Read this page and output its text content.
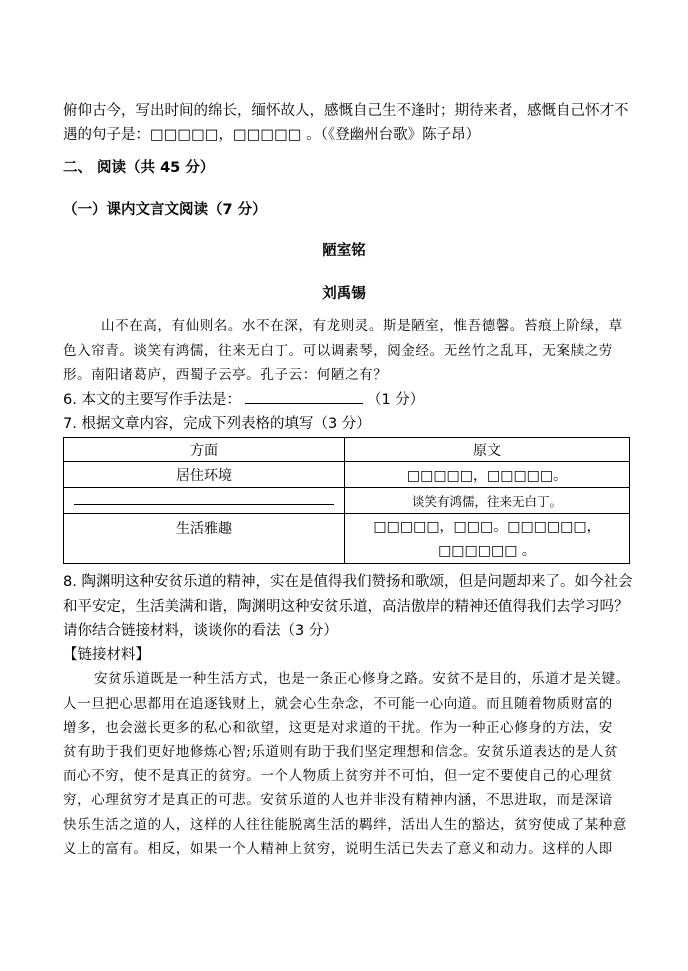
俯仰古今，写出时间的绵长，缅怀故人，感慨自己生不逢时；期待来者，感慨自己怀才不
遇的句子是：□□□□□，□□□□□ 。（《登幽州台歌》陈子昂）
二、 阅读（共 45 分）
（一）课内文言文阅读（7 分）
陋室铭
刘禹锡
山不在高，有仙则名。水不在深，有龙则灵。斯是陋室，惟吾德馨。苔痕上阶绿，草
色入帘青。谈笑有鸿儒，往来无白丁。可以调素琴，阅金经。无丝竹之乱耳，无案牍之劳
形。南阳诸葛庐，西蜀子云亭。孔子云：何陋之有？
6. 本文的主要写作手法是：	（1 分）
7. 根据文章内容，完成下列表格的填写（3 分）
方面	原文
居住环境	□□□□□，□□□□□。
	谈笑有鸿儒，往来无白丁。
生活雅趣	□□□□□，□□□。□□□□□□，
□□□□□□ 。
8. 陶渊明这种安贫乐道的精神，实在是值得我们赞扬和歌颂，但是问题却来了。如今社会
和平安定，生活美满和谐，陶渊明这种安贫乐道，高洁傲岸的精神还值得我们去学习吗？
请你结合链接材料，谈谈你的看法（3 分）
【链接材料】
安贫乐道既是一种生活方式，也是一条正心修身之路。安贫不是目的，乐道才是关键。
人一旦把心思都用在追逐钱财上，就会心生杂念，不可能一心向道。而且随着物质财富的
增多，也会滋长更多的私心和欲望，这更是对求道的干扰。作为一种正心修身的方法，安
贫有助于我们更好地修炼心智;乐道则有助于我们坚定理想和信念。安贫乐道表达的是人贫
而心不穷，使不是真正的贫穷。一个人物质上贫穷并不可怕，但一定不要使自己的心理贫
穷，心理贫穷才是真正的可悲。安贫乐道的人也并非没有精神内涵，不思进取，而是深谙
快乐生活之道的人，这样的人往往能脱离生活的羁绊，活出人生的豁达，贫穷使成了某种意
义上的富有。相反，如果一个人精神上贫穷，说明生活已失去了意义和动力。这样的人即
